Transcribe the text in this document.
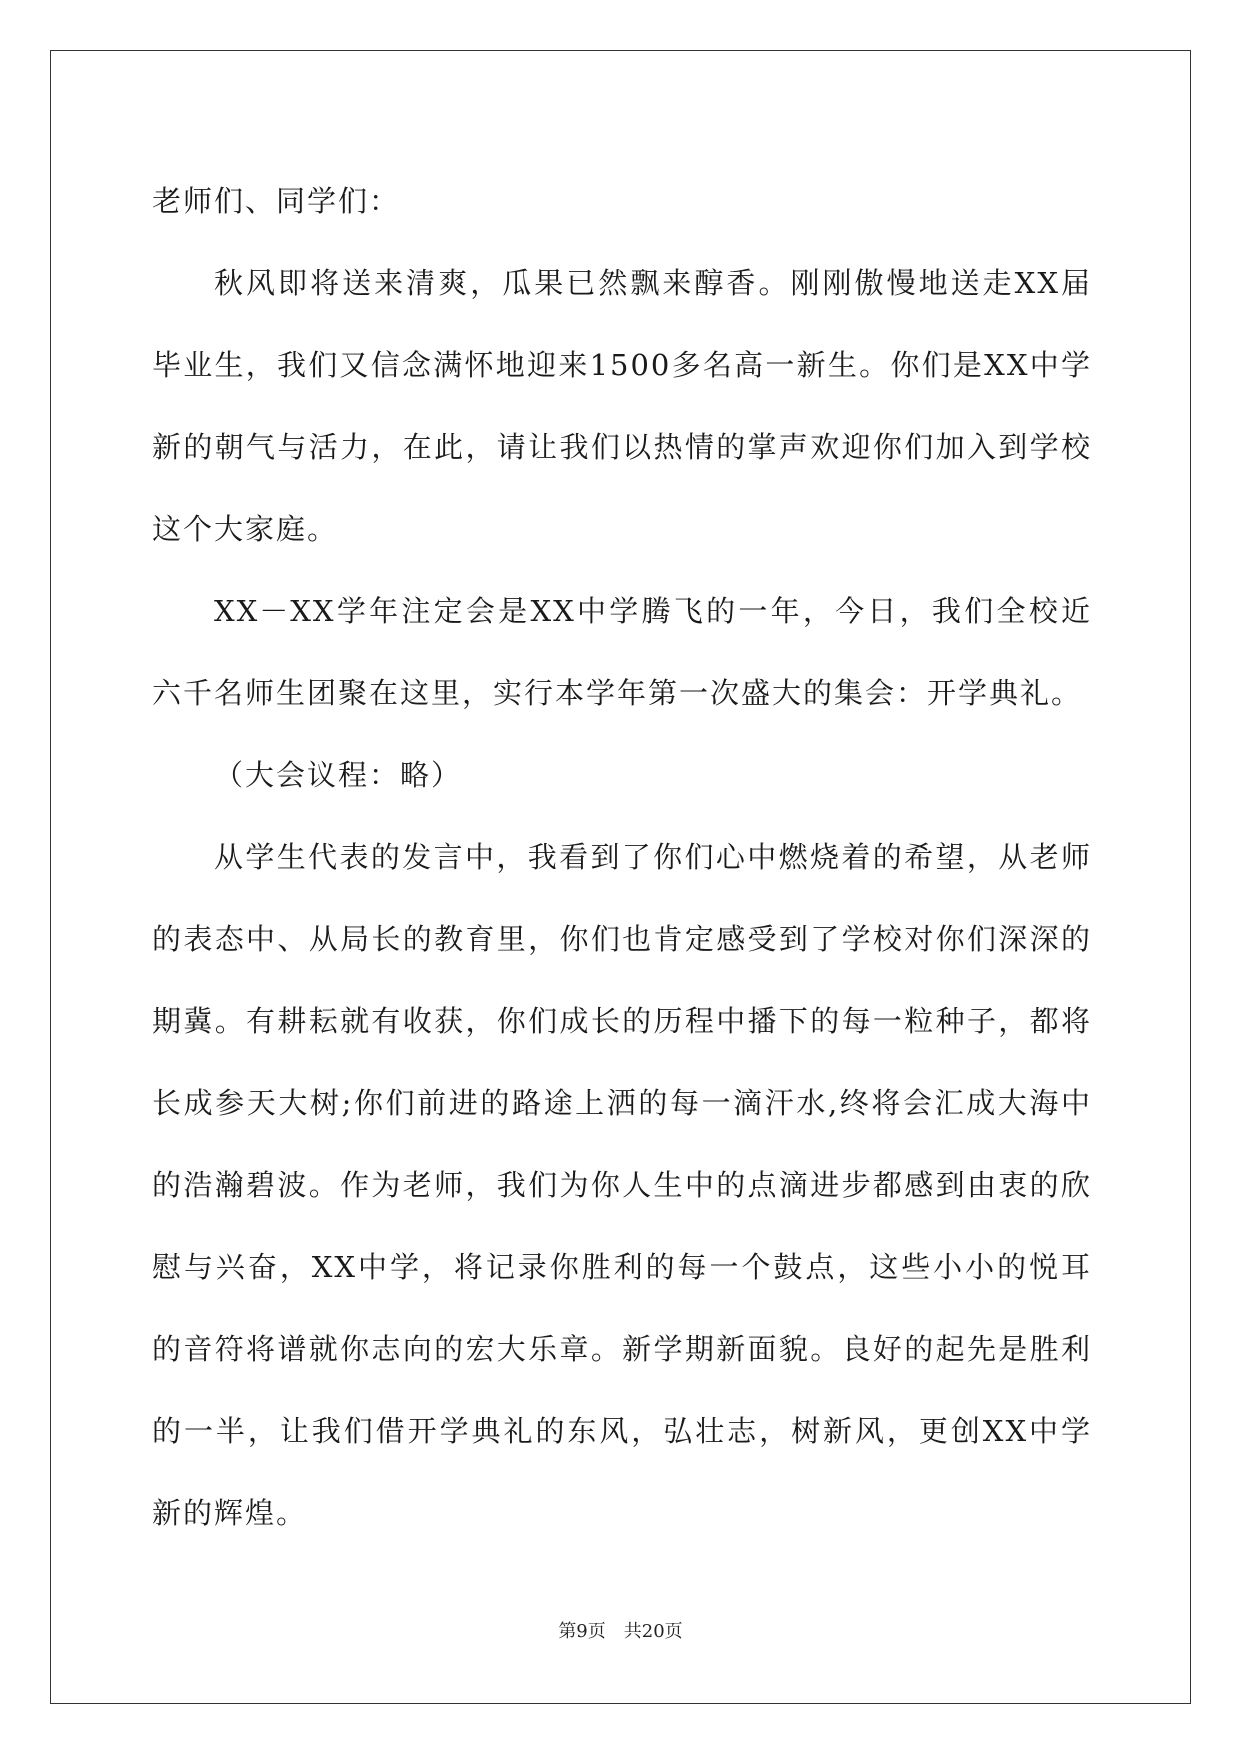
老师们、同学们：

秋风即将送来清爽，瓜果已然飘来醇香。刚刚傲慢地送走XX届毕业生，我们又信念满怀地迎来1500多名高一新生。你们是XX中学新的朝气与活力，在此，请让我们以热情的掌声欢迎你们加入到学校这个大家庭。

XX－XX学年注定会是XX中学腾飞的一年，今日，我们全校近六千名师生团聚在这里，实行本学年第一次盛大的集会：开学典礼。

（大会议程：略）

从学生代表的发言中，我看到了你们心中燃烧着的希望，从老师的表态中、从局长的教育里，你们也肯定感受到了学校对你们深深的期冀。有耕耘就有收获，你们成长的历程中播下的每一粒种子，都将长成参天大树;你们前进的路途上洒的每一滴汗水,终将会汇成大海中的浩瀚碧波。作为老师，我们为你人生中的点滴进步都感到由衷的欣慰与兴奋，XX中学，将记录你胜利的每一个鼓点，这些小小的悦耳的音符将谱就你志向的宏大乐章。新学期新面貌。良好的起先是胜利的一半，让我们借开学典礼的东风，弘壮志，树新风，更创XX中学新的辉煌。

第9页　共20页
